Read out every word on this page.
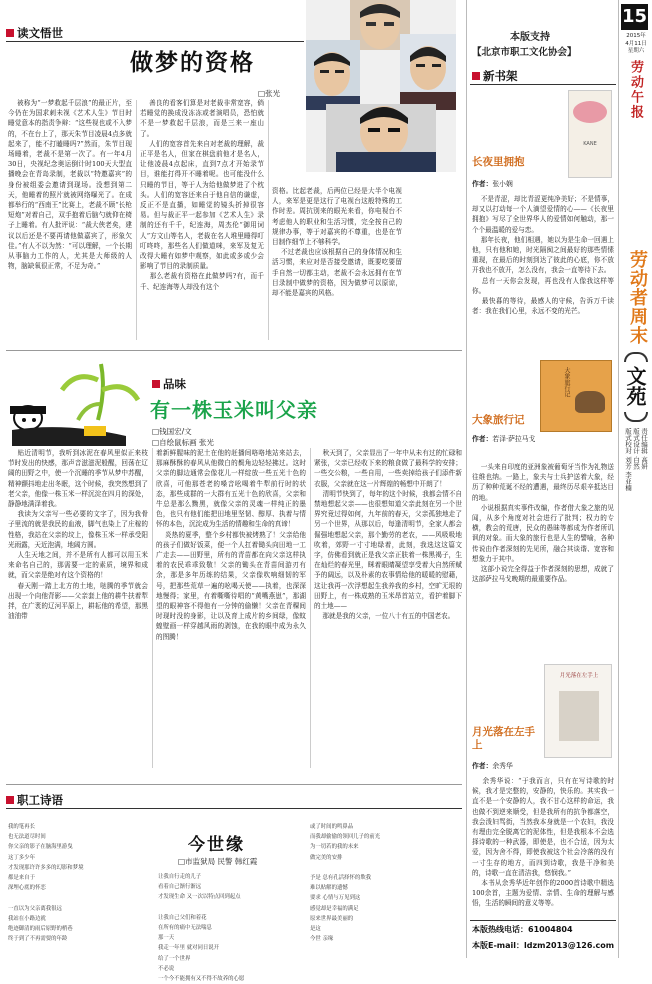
15
2015年
4月11日
星期六
劳动午报
劳动者周末
文苑
责任编辑 高妍
版式设计 白然
版式校对 刘芳 李亚楠
读文悟世
做梦的资格
□张光
被称为“一梦救起千层浪”的最正片，至今仍在为国求刺未视《艺术人生》节目时睡觉意本的指责争辩：“这些视也或不入梦的，不在台上了，那天朱节目凌晨4点多就起来了，能不打瞌睡吗?”然而，朱节目现场睡着，老裁不是第一次了。有一年4月30日，央视纪念奥运倒计时100天大型直播晚会在青岛录制，老裁以“特邀嘉宾”的身份被组委会邀请到现场。没想到第二天，他睡着的照片就被网络曝光了。在成都举行的“西南王”比赛上，老裁不顾“长枪短炮”对着自己，双手抱着后脑勺就仰在椅子上睡着。有人批评说：“裁大侠老矣，建议以后还是不要再请他做嘉宾了，形象欠佳。”有人不以为然：“可以理解，一个长期从事脑力工作的人，尤其是大师级的人物，脑缺氧很正常，不足为奇。”
善良的看客们算是对老裁非常宽容，倘若睡觉的换成没冻冻或者演唱员，恐怕就不是一梦救起千层浪，而是三来一座山了。
人们的宽容首先来自对老裁的理解，裁正平是名人，但家在棋盘前他才是名人，让他凌晨4点起床，直到7点才开始录节目，谁能打得开不睡着呢。也可能没什么只睡的节目，等于人为给他做梦进了个枕头。人们的宽容还来自于他自信的谦虚，反正不是直播，如睡觉的镜头折掉很容易。但与裁正平一起参加《艺术人生》录制的还有千千，纪连海，周杰伦“御用词人”方文山等名人，老裁在名人堆里睡得叮叮咚咚，那些名人们做道咪，来军及复无改得大睡有如梦中观察，如此或多或少会影响了节目的录制质量。
那么老裁有资格在此做梦吗?有，而千千、纪连海等人却没有这个
资格。比起老裁，后两位已经是大半个电视人，来军是更是这行了电视台这般特殊的工作时差。周抗别来的眼光来看，你电视台不考虑他人的职业和生活习惯，完全按自己的规律办事，等于对嘉宾的不尊重，也是在节目制作细节上不够科学。
不过老裁也应该根据自己的身体情况和生活习惯，来应对是否接受邀请，既要吃要留手自然一切都主动，老裁不会永远拥有在节目录制中做梦的资格，因为做梦可以原谅，却不能是嘉宾的风格。
本版支持
【北京市职工文化协会】
新书架
KANE
长夜里拥抱
作者：张小娴
不是青涩，却比青涩更纯净美好；不是情事，却又以打动每一个人滴望爱情的心——《长夜里拥抱》写尽了全世界华人的爱情如何触动，那一个个最温暖的爱与恋。
那年长夜，他们相遇，她以为是生命一回遇上他，只有他和她，时光隔阂之间最好的那些情愫重现，在最后的时刻到达了彼此的心底，你不放开我也不放开，怎么没有，我会一直等待下去。
总有一天你会发现，再也没有人像我这样等你。
最快暮的等待，最感人的守候，告诉万千读者：我在我们心里，永远不变的光芒。
大象旅行记
大象旅行记
作者：若泽·萨拉马戈
一头来自印度的亚洲象被葡萄牙当作为礼物送往维也纳。一路上，象夫与士兵护送着大象，经历了种种荒诞不经的遭遇，最终历尽艰辛抵达目的地。
小说根据真实事件改编，作者借大象之旅的见闻，从多个角度对社会进行了批判；权力的专横，教会的荒唐，民众的愚昧等都成为作者所讥讽的对象。而大象的旅行也是人生的譬喻，各种传说由作者深刻的先见所，融合其谈谐、宽容和想象力于其中。
这部小说完全得益于作者深刻的思想，成就了这部萨拉马戈晚期的最重要作品。
月光落在左手上
月光落在左手上
作者：余秀华
余秀华说：“于我而言，只有在写诗歌的时候，我才是完整的，安静的，快乐的。其实我一直不是一个安静的人，我不甘心这样的命运，我也做不到逆来顺受，但是我所有的抗争都落空，我会泼妇骂街，当然我本身就是一个农妇，我没有理由完全脱离它的泥体性，但是我根本不会选择诗歌的一种武器，即使是，也不合适，因为太爱，因为舍不得，即使我被这个社会冷落的没有一寸生存的地方，而四到诗歌，我是干净和美的，诗歌一直在清洁我，悠悯我。”
本书从余秀华近年创作的2000首诗歌中精选100余首，主题为爱情、亲情、生命的理解与感悟，生活的瞬间的意义等等。
本版热线电话：61004804
本版E-mail：ldzm2013@126.com
品味
有一株玉米叫父亲
□钱国宏/文
□自绘鼠标画 张光
贴近清明节，我听到冰泥在春风里似正来枝节时发出的快感，那声音滋滋泥般醒，回荡在辽阔的田野之中，使一个沉睡的季节从梦中苏醒，精神颤抖地走出冬眠，这个时候，我突然想到了老父亲，他像一株玉米一样沉淀在四月的深处，静静地满泽着我。
我读为父亲写一些必要的文字了，因为我骨子里流的就是我民的血液，脚气也染上了庄稼的性格，我站在父亲的坟上，像株玉米一样承受阳光雨露，天近泡满，地阔方圆。
人生天地之间，并不是所有人都可以用玉米来命名自己的，那需要一定的素质，境界和成就，而父亲是绝对有这个资格的！
春天刚一踏上北方的土地，哒腾的季节就会出现一个向他背影——父亲套上他的耕牛扶着犁拌，在广袤的辽河平原上，耕耘他的希望，那黑油油带
着新鲜腥味的泥土在他的赶播间咯咯地站来站去，那麻酥酥的春风从他微白的鬓角边轻轻拂过。这时父亲的脚边通常会像花儿一样绽放一些五光十色的欣喜，可他那苍老的嗓音吆喝着牛犁前行时的状态，那些成群的一大群有五光十色的欣喜，父亲和牛总是那么黝黑，就像父亲的灵魂一样纯正的墨色，也只有他们能把田地里坚韧、醇厚、执着与情怀的本色，沉淀成为生活的情趣和生命的真谛！
炎热的夏季，整个乡村都快被烤熟了！父亲给他的孩子们做好饭菜，便一个人扛着锄头向田地一工广走去——田野里，所有的青苗都在向父亲这样执着的农民乖乖致敬！父亲的锄头在青苗间游刃有余，那是多年历练的结果，父亲像吹响细韧的军号，把那些荒草一遍的吆喝天使——执着，也深深地慢得；家里，有着嘶嘶待唱的“黄嘴燕崽”，那湖望的眼神容不得他有一分钟的偷懒！父亲在青稞间时现时没的身影，让以及育上成片的乡间绿，像蚊蝗壁画一样穿越风雨的剥蚀，在我的眼中成为永久的图腾！
秋天到了，父亲显出了一年中从未有过的忙碌和紧张，父亲已经收下来的粮食做了最科学的安排；一些交公粮，一些自用，一些卖掉给孩子们添件新衣服，父亲就在这一片辉煌的畅想中开朗了！
清明节快到了，每年的这个时候，我都会情不自禁地想起父亲——也很想知道父亲此刻在另一个世界究竟过得如何，九年前的春天，父亲孤独地走了另一个世界，从那以后，每逢清明节，全家人都会倔强地想起父亲，那个勤劳的老农，——风吸吸地吹着，郊野一寸寸地绿着，此刻，我选这这篇文字，仿佛看到就正是我父亲正肤着一株黑褐子，生在灿烂的春光里，眯着眼睛凝望享受着大自然所赋予的阔远，以及朴素的农事情给他的暖暖的慰藉，这让我再一次浮想起生我养我的乡村，空旷无垠的田野上，有一株成熟的玉米昂首站立，看护着脚下的土地——
那就是我的父亲，一位八十有五的中国老农。
职工诗语
今世缘
□市监狱局 民警 韩红霞
我的笔再长
也无法道尽时间
你父亲的影子在脑海里游曳
这丁多少年
才发现那许许多多的幻影和梦境
都是来自于
深埋心底的怀恋

一直以为父亲离我很远
我站在小路边就
绝迹御清的雨后原野的梢巷
终于到了不再需要的年龄
让我自行走的儿子
看着自己渐行渐远
才发现生命 又一次以特点回到起点

让我自己父们和着花
在所有的痛中无法喘息
那一天
我走一年里 就对同日说开
给了一个世界
不必说
一个今不能拥有又不得不故养的心愿
或了时间的鸣鼻品
而我却偷偷的领回儿子的前光
为一切若的我的未来
做完美的安排

予是 总有孔活择怀的欺我
难以贴解的遗憾
要求 心情与万见到这
感觉却是幸福的满足
原来世界最美丽的
是这
今世 亲缘
